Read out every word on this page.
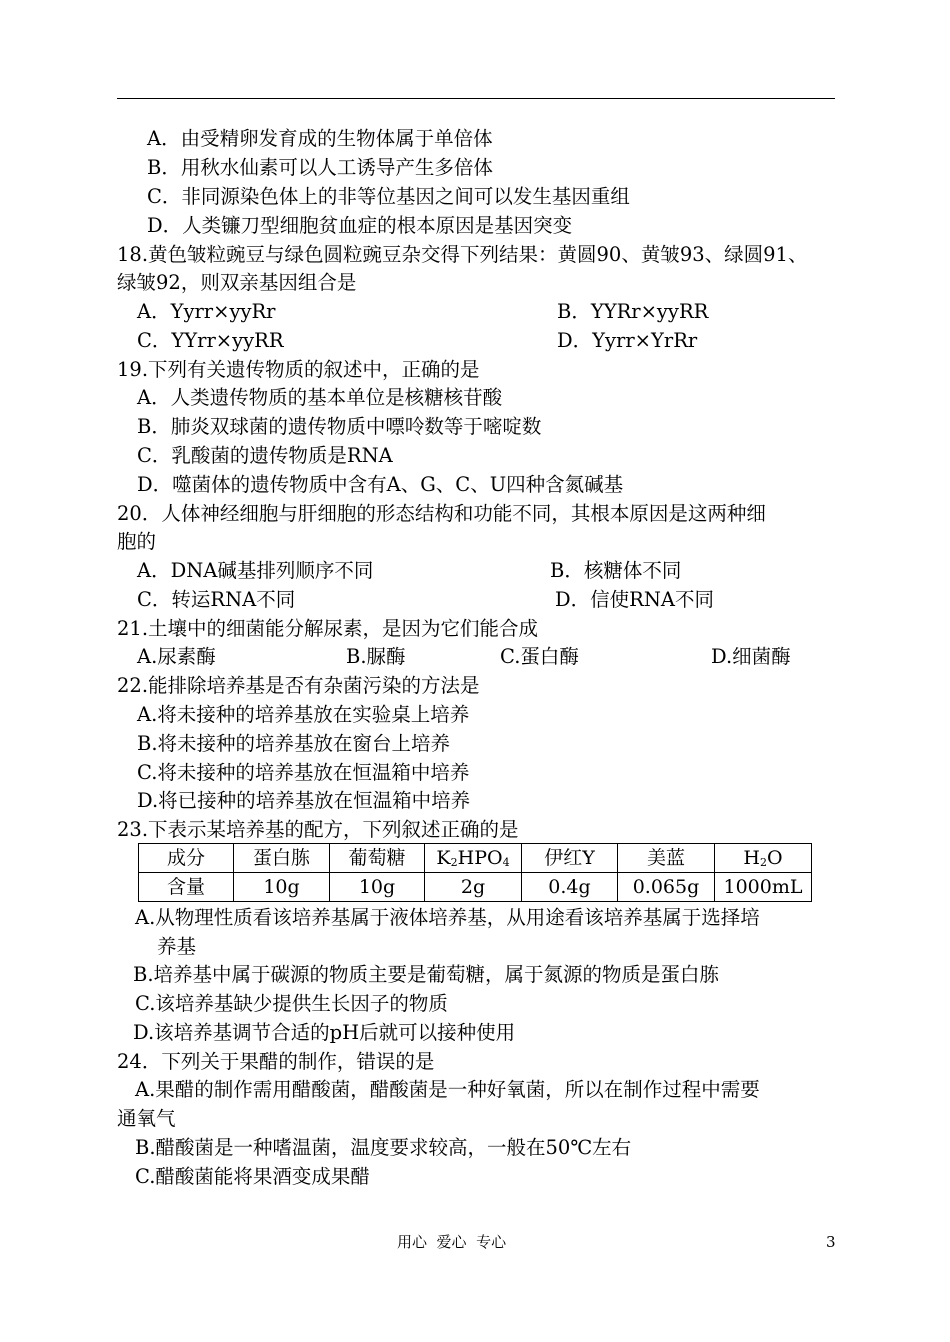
A．由受精卵发育成的生物体属于单倍体
B．用秋水仙素可以人工诱导产生多倍体
C．非同源染色体上的非等位基因之间可以发生基因重组
D．人类镰刀型细胞贫血症的根本原因是基因突变
18.黄色皱粒豌豆与绿色圆粒豌豆杂交得下列结果：黄圆90、黄皱93、绿圆91、
绿皱92，则双亲基因组合是
A．Yyrr×yyRr	B．YYRr×yyRR
C．YYrr×yyRR	D．Yyrr×YrRr
19.下列有关遗传物质的叙述中，正确的是
A．人类遗传物质的基本单位是核糖核苷酸
B．肺炎双球菌的遗传物质中嘌呤数等于嘧啶数
C．乳酸菌的遗传物质是RNA
D．噬菌体的遗传物质中含有A、G、C、U四种含氮碱基
20．人体神经细胞与肝细胞的形态结构和功能不同，其根本原因是这两种细
胞的
A．DNA碱基排列顺序不同	B．核糖体不同
C．转运RNA不同	D．信使RNA不同
21.土壤中的细菌能分解尿素，是因为它们能合成
A.尿素酶	B.脲酶	C.蛋白酶	D.细菌酶
22.能排除培养基是否有杂菌污染的方法是
A.将未接种的培养基放在实验桌上培养
B.将未接种的培养基放在窗台上培养
C.将未接种的培养基放在恒温箱中培养
D.将已接种的培养基放在恒温箱中培养
23.下表示某培养基的配方，下列叙述正确的是
成分	蛋白胨	葡萄糖	$K_2HPO_4$	伊红Y	美蓝	$H_2O$
含量	10g	10g	2g	0.4g	0.065g	1000mL
A.从物理性质看该培养基属于液体培养基，从用途看该培养基属于选择培
养基
B.培养基中属于碳源的物质主要是葡萄糖，属于氮源的物质是蛋白胨
C.该培养基缺少提供生长因子的物质
D.该培养基调节合适的pH后就可以接种使用
24．下列关于果醋的制作，错误的是
A.果醋的制作需用醋酸菌，醋酸菌是一种好氧菌，所以在制作过程中需要
通氧气
B.醋酸菌是一种嗜温菌，温度要求较高，一般在50℃左右
C.醋酸菌能将果酒变成果醋
用心  爱心  专心	3
